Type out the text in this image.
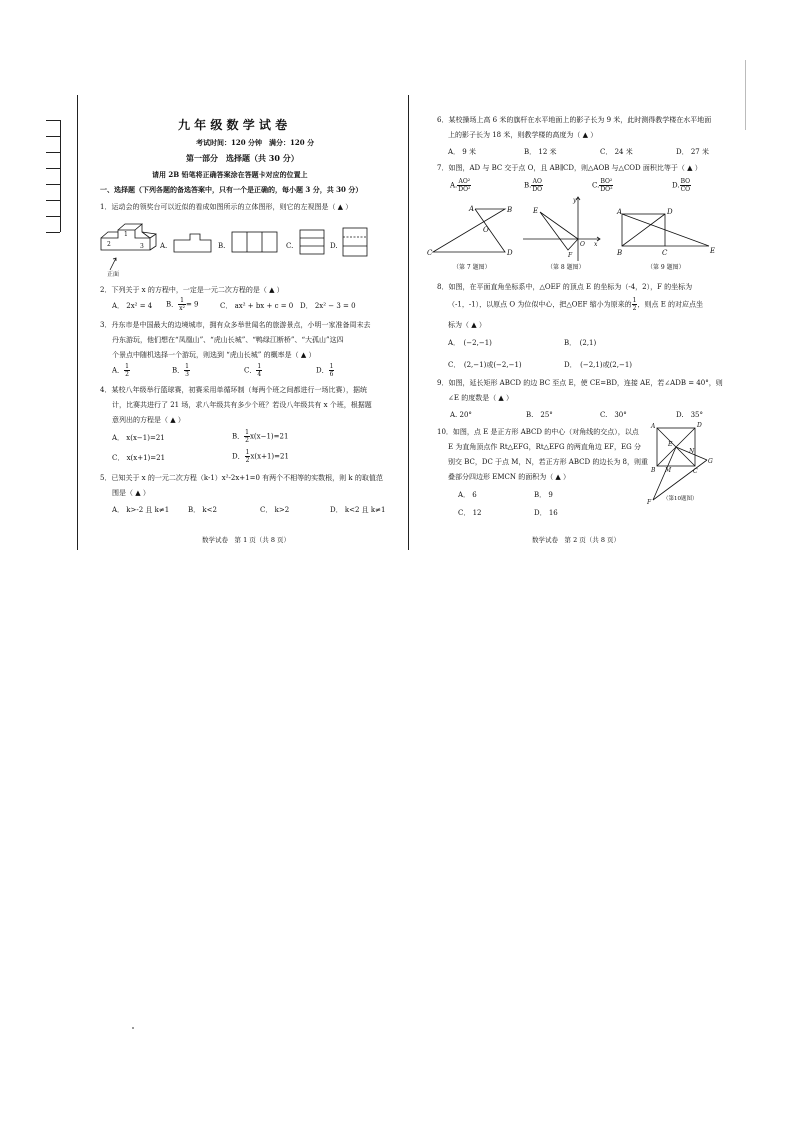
九 年 级 数 学 试 卷
考试时间：120 分钟　满分：120 分
第一部分　选择题（共 30 分）
请用 2B 铅笔将正确答案涂在答题卡对应的位置上
一、选择题（下列各题的备选答案中，只有一个是正确的，每小题 3 分，共 30 分）
1．运动会的领奖台可以近似的看成如图所示的立体图形，则它的左视图是（ ▲ ）
1
2	3
正面
A.	B.	C.	D.
2．下列关于 x 的方程中，一定是一元二次方程的是（ ▲ ）
A． 2x² = 4 B． $\frac{1}{\text{x²}} = 9$	C． ax² + bx + c = 0 D． 2x² − 3 = 0
3．丹东市是中国最大的边境城市，拥有众多举世闻名的旅游景点，小明一家准备周末去
丹东游玩，他们想在“凤凰山”、“虎山长城”、“鸭绿江断桥”、“大孤山”这四
个景点中随机选择一个游玩，则选到 “虎山长城” 的概率是（ ▲ ）
A． $\frac{1}{2}$	B． $\frac{1}{3}$	C． $\frac{1}{4}$	D． $\frac{1}{6}$
4．某校八年级举行篮球赛，初赛采用单循环制（每两个班之间都进行一场比赛），据统
计，比赛共进行了 21 场，求八年级共有多少个班？若设八年级共有 x 个班，根据题
意列出的方程是（ ▲ ）
A． x(x−1)=21	B． $\frac{1}{2} x(x-1)=21$
C． x(x+1)=21	D． $\frac{1}{2} x(x+1)=21$
5．已知关于 x 的一元二次方程（k-1）x²-2x+1=0 有两个不相等的实数根，则 k 的取值范
围是（ ▲ ）
A． k>-2 且 k≠1	B． k<2	C． k>2	D． k<2 且 k≠1
数学试卷　第 1 页（共 8 页）
6．某校操场上高 6 米的旗杆在水平地面上的影子长为 9 米，此时测得教学楼在水平地面
上的影子长为 18 米，则教学楼的高度为（ ▲ ）
A． 9 米	B． 12 米	C． 24 米	D． 27 米
7．如图，AD 与 BC 交于点 O，且 AB∥CD，则△AOB 与△COD 面积比等于（ ▲ ）
A. $\frac{\text{AO²}}{\text{DO²}}$	B. $\frac{AO}{DO}$	C. $\frac{\text{BO²}}{\text{DO²}}$	D. $\frac{BO}{CO}$
A	B
O
C	D
（第 7 题图）
E
O
F
x
y
（第 8 题图）
A	D
B	C	E
（第 9 题图）
8．如图，在平面直角坐标系中，△OEF 的顶点 E 的坐标为（-4，2），F 的坐标为
（-1，-1），以原点 O 为位似中心，把△OEF 缩小为原来的 $\frac{1}{2}$ ，则点 E 的对应点坐
标为（ ▲ ）
A．　(−2,−1)	B．　(2,1)
C．　(2,−1)或(−2,−1)	D．　(−2,1)或(2,−1)
9．如图，延长矩形 ABCD 的边 BC 至点 E，使 CE=BD，连接 AE，若∠ADB = 40°，则
∠E 的度数是（ ▲ ）
A. 20°	B.　25°	C.　30°	D.　35°
10．如图，点 E 是正方形 ABCD 的中心（对角线的交点），以点
E 为直角顶点作 Rt△EFG，Rt△EFG 的两直角边 EF，EG 分
别交 BC，DC 于点 M，N，若正方形 ABCD 的边长为 8，则重
叠部分四边形 EMCN 的面积为（ ▲ ）
A． 6	B． 9
C． 12	D． 16
A	D
E
N
G
B M	C
F （第10题图）
数学试卷　第 2 页（共 8 页）
